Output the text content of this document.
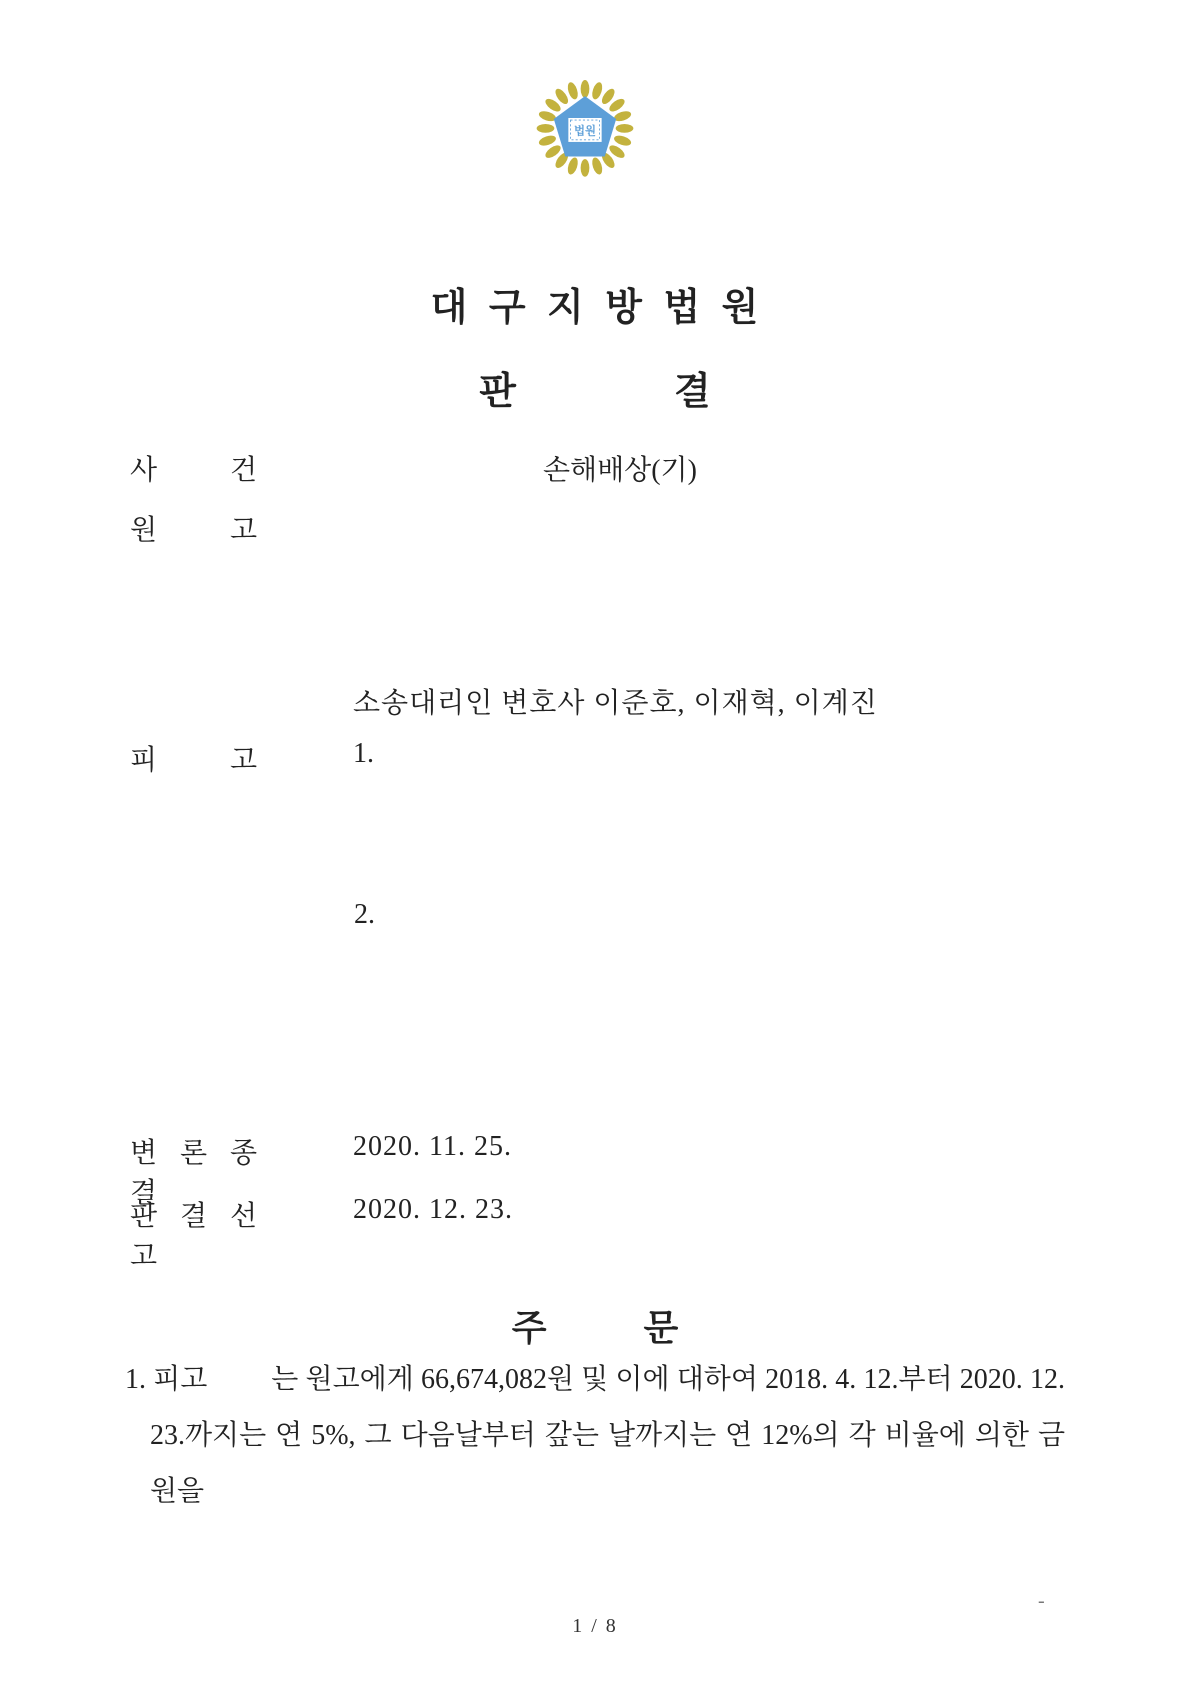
법원
대 구 지 방 법 원
판	결
사 건	손해배상(기)
원 고
소송대리인 변호사 이준호, 이재혁, 이계진
피 고	1.
2.
변 론 종 결
2020. 11. 25.
판 결 선 고
2020. 12. 23.
주	문
1. 피고 는 원고에게 66,674,082원 및 이에 대하여 2018. 4. 12.부터 2020. 12.
23.까지는 연 5%, 그 다음날부터 갚는 날까지는 연 12%의 각 비율에 의한 금원을
1 / 8
-
